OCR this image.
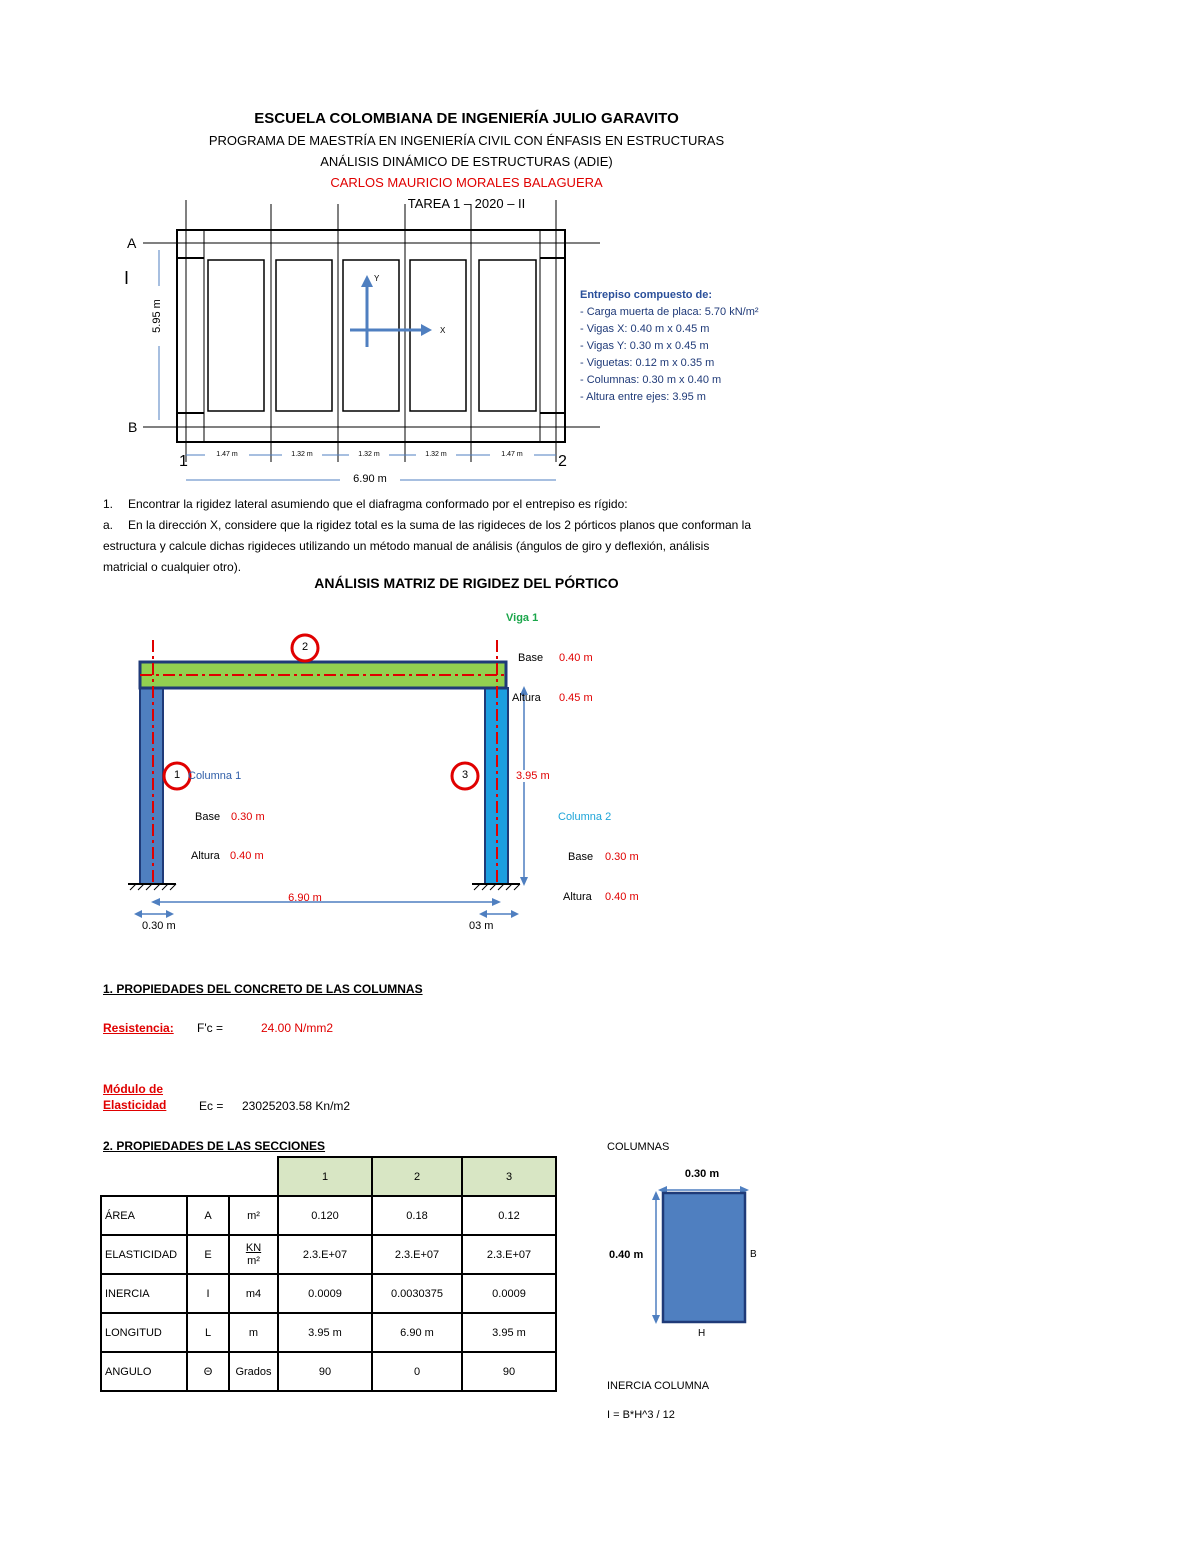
ESCUELA COLOMBIANA DE INGENIERÍA JULIO GARAVITO
PROGRAMA DE MAESTRÍA EN INGENIERÍA CIVIL CON ÉNFASIS EN ESTRUCTURAS
ANÁLISIS DINÁMICO DE ESTRUCTURAS (ADIE)
CARLOS MAURICIO MORALES BALAGUERA
TAREA 1 – 2020 – II
A
B
1	2
I
5.95 m
1.47 m	1.32 m	1.32 m	1.32 m	1.47 m
6.90 m
X
Y
Entrepiso compuesto de:
- Carga muerta de placa: 5.70 kN/m²
- Vigas X: 0.40 m x 0.45 m
- Vigas Y: 0.30 m x 0.45 m
- Viguetas: 0.12 m x 0.35 m
- Columnas: 0.30 m x 0.40 m
- Altura entre ejes: 3.95 m
1. Encontrar la rigidez lateral asumiendo que el diafragma conformado por el entrepiso es rígido:
a. En la dirección X, considere que la rigidez total es la suma de las rigideces de los 2 pórticos planos que conforman la
estructura y calcule dichas rigideces utilizando un método manual de análisis (ángulos de giro y deflexión, análisis
matricial o cualquier otro).
ANÁLISIS MATRIZ DE RIGIDEZ DEL PÓRTICO
2
1	3
Viga 1
Base 0.40 m
Altura 0.45 m
Columna 1
Base 0.30 m
Altura 0.40 m
3.95 m
Columna 2
Base 0.30 m
Altura 0.40 m
6.90 m
0.30 m	03 m
1. PROPIEDADES DEL CONCRETO DE LAS COLUMNAS
Resistencia: F'c =	24.00 N/mm2
Módulo de
Elasticidad	Ec = 23025203.58 Kn/m2
2. PROPIEDADES DE LAS SECCIONES
			1	2	3
ÁREA	A	m²	0.120	0.18	0.12
ELASTICIDAD	E	KN
m²	2.3.E+07	2.3.E+07	2.3.E+07
INERCIA	I	m4	0.0009	0.0030375	0.0009
LONGITUD	L	m	3.95 m	6.90 m	3.95 m
ANGULO	Θ	Grados	90	0	90
COLUMNAS
0.30 m
0.40 m	B
H
INERCIA COLUMNA
I = B*H^3 / 12
